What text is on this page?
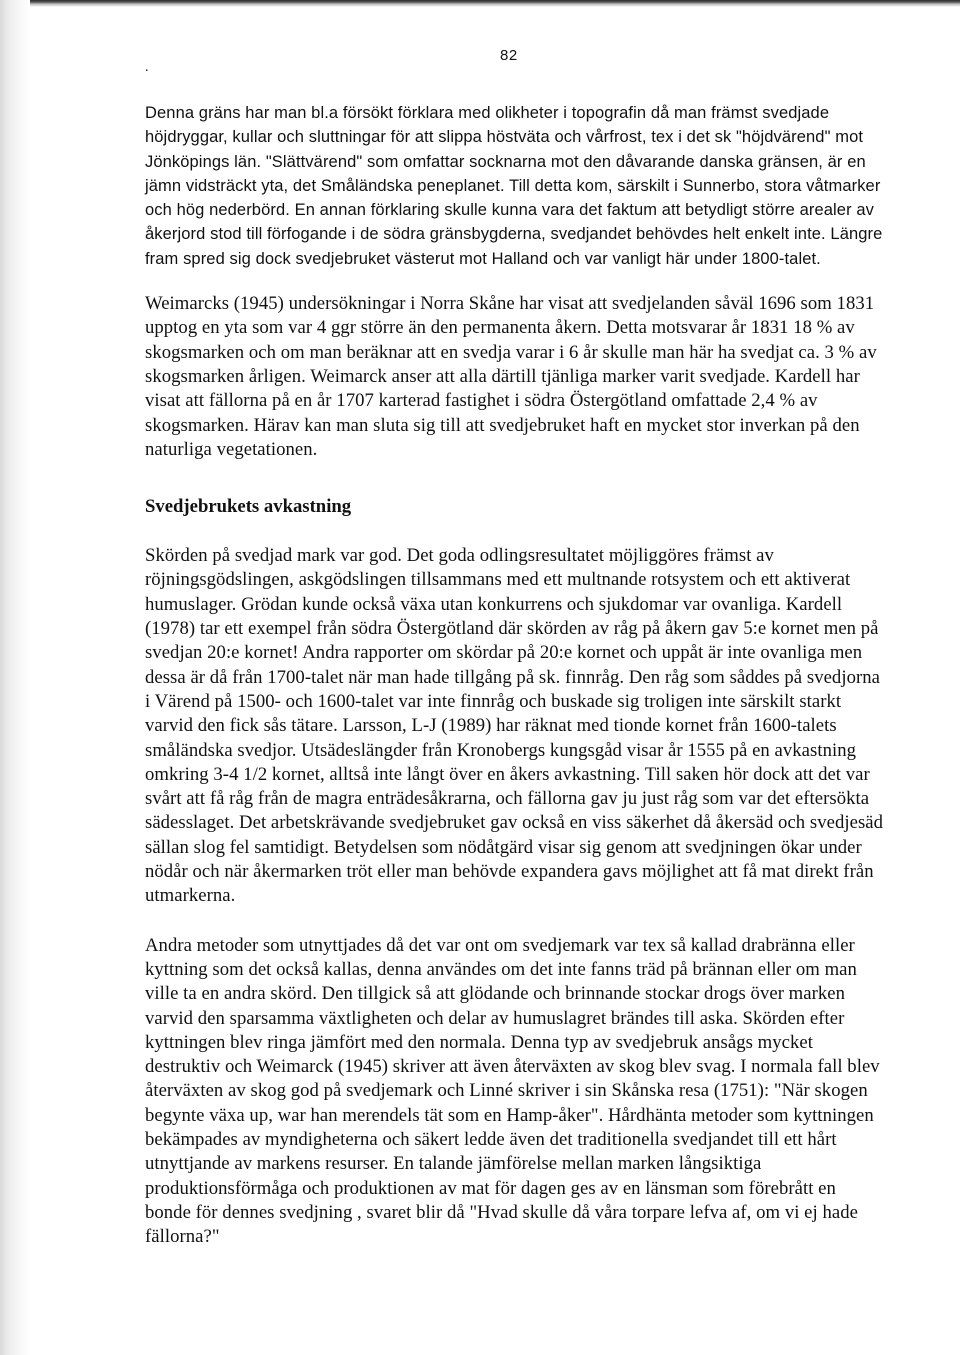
82
.

Denna gräns har man bl.a försökt förklara med olikheter i topografin då man främst svedjade höjdryggar, kullar och sluttningar för att slippa höstväta och vårfrost, tex i det sk "höjdvärend" mot Jönköpings län. "Slättvärend" som omfattar socknarna mot den dåvarande danska gränsen, är en jämn vidsträckt yta, det Småländska peneplanet. Till detta kom, särskilt i Sunnerbo, stora våtmarker och hög nederbörd. En annan förklaring skulle kunna vara det faktum att betydligt större arealer av åkerjord stod till förfogande i de södra gränsbygderna, svedjandet behövdes helt enkelt inte. Längre fram spred sig dock svedjebruket västerut mot Halland och var vanligt här under 1800-talet.

Weimarcks (1945) undersökningar i Norra Skåne har visat att svedjelanden såväl 1696 som 1831 upptog en yta som var 4 ggr större än den permanenta åkern. Detta motsvarar år 1831 18 % av skogsmarken och om man beräknar att en svedja varar i 6 år skulle man här ha svedjat ca. 3 % av skogsmarken årligen. Weimarck anser att alla därtill tjänliga marker varit svedjade. Kardell har visat att fällorna på en år 1707 karterad fastighet i södra Östergötland omfattade 2,4 % av skogsmarken. Härav kan man sluta sig till att svedjebruket haft en mycket stor inverkan på den naturliga vegetationen.

Svedjebrukets avkastning

Skörden på svedjad mark var god. Det goda odlingsresultatet möjliggöres främst av röjningsgödslingen, askgödslingen tillsammans med ett multnande rotsystem och ett aktiverat humuslager. Grödan kunde också växa utan konkurrens och sjukdomar var ovanliga. Kardell (1978) tar ett exempel från södra Östergötland där skörden av råg på åkern gav 5:e kornet men på svedjan 20:e kornet! Andra rapporter om skördar på 20:e kornet och uppåt är inte ovanliga men dessa är då från 1700-talet när man hade tillgång på sk. finnråg. Den råg som såddes på svedjorna i Värend på 1500- och 1600-talet var inte finnråg och buskade sig troligen inte särskilt starkt varvid den fick sås tätare. Larsson, L-J (1989) har räknat med tionde kornet från 1600-talets småländska svedjor. Utsädeslängder från Kronobergs kungsgåd visar år 1555 på en avkastning omkring 3-4 1/2 kornet, alltså inte långt över en åkers avkastning. Till saken hör dock att det var svårt att få råg från de magra enträdesåkrarna, och fällorna gav ju just råg som var det eftersökta sädesslaget. Det arbetskrävande svedjebruket gav också en viss säkerhet då åkersäd och svedjesäd sällan slog fel samtidigt. Betydelsen som nödåtgärd visar sig genom att svedjningen ökar under nödår och när åkermarken tröt eller man behövde expandera gavs möjlighet att få mat direkt från utmarkerna.

Andra metoder som utnyttjades då det var ont om svedjemark var tex så kallad drabränna eller kyttning som det också kallas, denna användes om det inte fanns träd på brännan eller om man ville ta en andra skörd. Den tillgick så att glödande och brinnande stockar drogs över marken varvid den sparsamma växtligheten och delar av humuslagret brändes till aska. Skörden efter kyttningen blev ringa jämfört med den normala. Denna typ av svedjebruk ansågs mycket destruktiv och Weimarck (1945) skriver att även återväxten av skog blev svag. I normala fall blev återväxten av skog god på svedjemark och Linné skriver i sin Skånska resa (1751): "När skogen begynte växa up, war han merendels tät som en Hamp-åker". Hårdhänta metoder som kyttningen bekämpades av myndigheterna och säkert ledde även det traditionella svedjandet till ett hårt utnyttjande av markens resurser. En talande jämförelse mellan marken långsiktiga produktionsförmåga och produktionen av mat för dagen ges av en länsman som förebrått en bonde för dennes svedjning , svaret blir då "Hvad skulle då våra torpare lefva af, om vi ej hade fällorna?"
